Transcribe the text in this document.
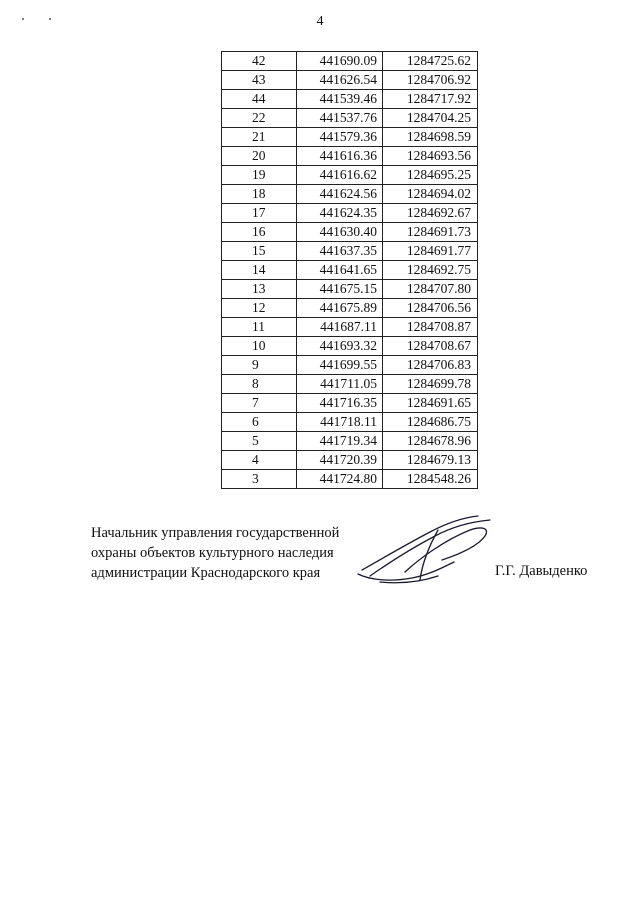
4
42	441690.09	1284725.62
43	441626.54	1284706.92
44	441539.46	1284717.92
22	441537.76	1284704.25
21	441579.36	1284698.59
20	441616.36	1284693.56
19	441616.62	1284695.25
18	441624.56	1284694.02
17	441624.35	1284692.67
16	441630.40	1284691.73
15	441637.35	1284691.77
14	441641.65	1284692.75
13	441675.15	1284707.80
12	441675.89	1284706.56
11	441687.11	1284708.87
10	441693.32	1284708.67
9	441699.55	1284706.83
8	441711.05	1284699.78
7	441716.35	1284691.65
6	441718.11	1284686.75
5	441719.34	1284678.96
4	441720.39	1284679.13
3	441724.80	1284548.26
Начальник управления государственной
охраны объектов культурного наследия
администрации Краснодарского края	Г.Г. Давыденко
